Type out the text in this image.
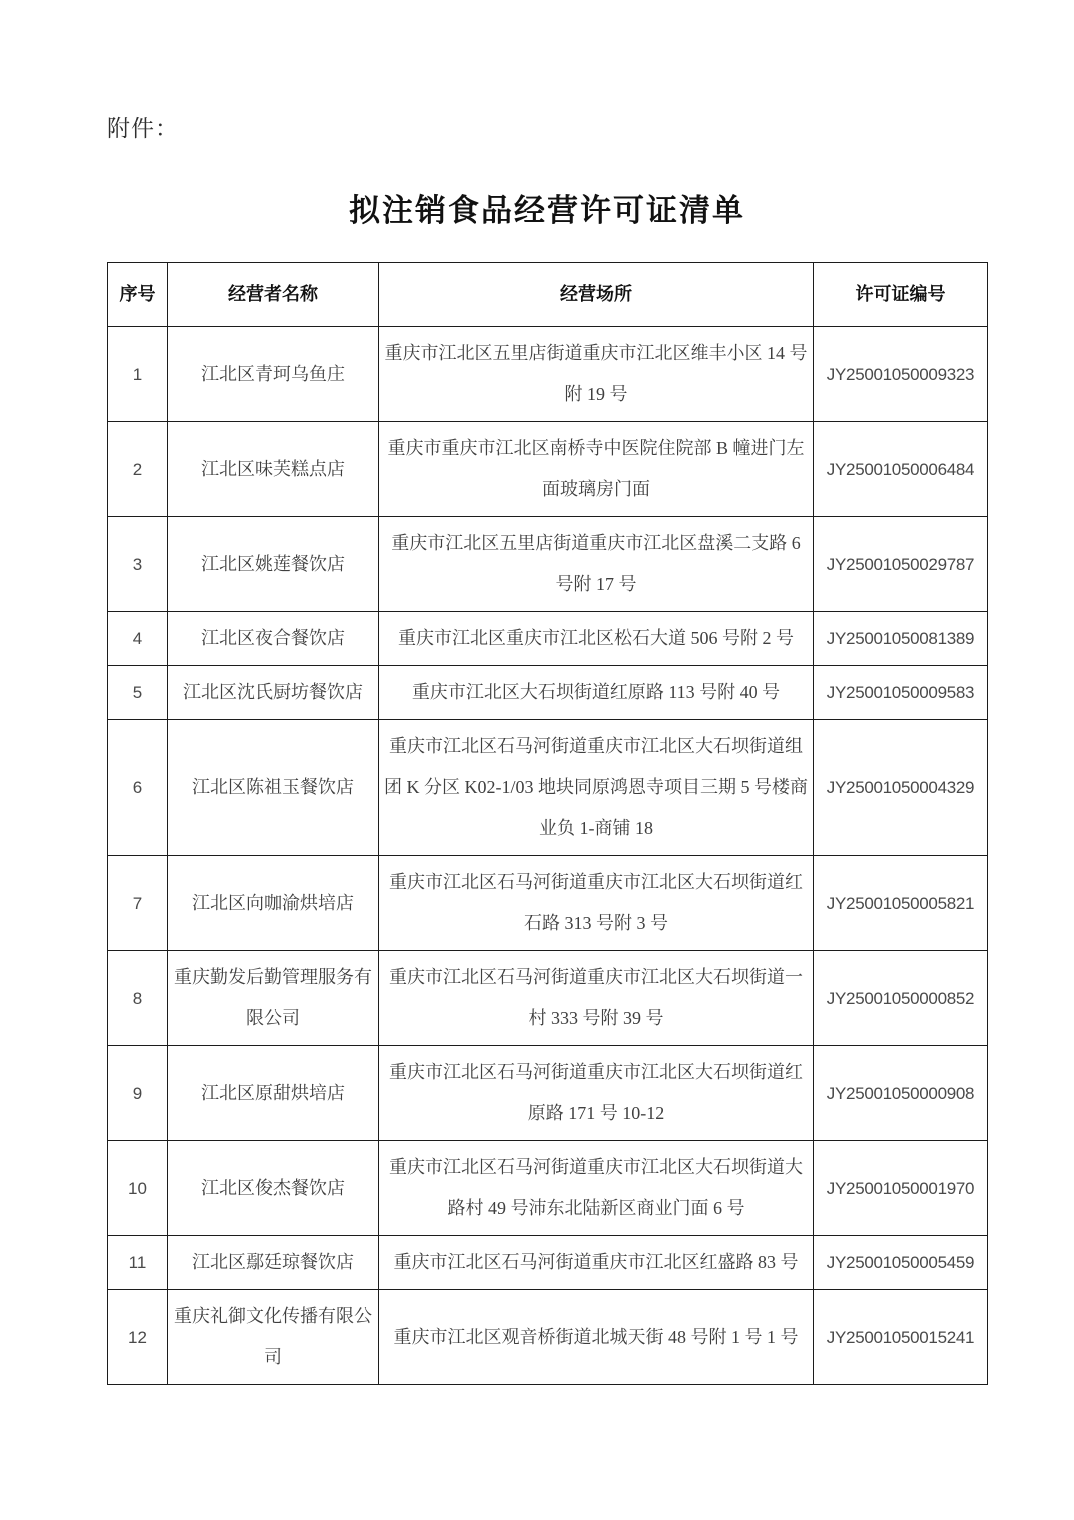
附件：
拟注销食品经营许可证清单
序号	经营者名称	经营场所	许可证编号
1	江北区青珂乌鱼庄	重庆市江北区五里店街道重庆市江北区维丰小区 14 号附 19 号	JY25001050009323
2	江北区味芙糕点店	重庆市重庆市江北区南桥寺中医院住院部 B 幢进门左面玻璃房门面	JY25001050006484
3	江北区姚莲餐饮店	重庆市江北区五里店街道重庆市江北区盘溪二支路 6 号附 17 号	JY25001050029787
4	江北区夜合餐饮店	重庆市江北区重庆市江北区松石大道 506 号附 2 号	JY25001050081389
5	江北区沈氏厨坊餐饮店	重庆市江北区大石坝街道红原路 113 号附 40 号	JY25001050009583
6	江北区陈祖玉餐饮店	重庆市江北区石马河街道重庆市江北区大石坝街道组团 K 分区 K02-1/03 地块同原鸿恩寺项目三期 5 号楼商业负 1-商铺 18	JY25001050004329
7	江北区向咖渝烘培店	重庆市江北区石马河街道重庆市江北区大石坝街道红石路 313 号附 3 号	JY25001050005821
8	重庆勤发后勤管理服务有限公司	重庆市江北区石马河街道重庆市江北区大石坝街道一村 333 号附 39 号	JY25001050000852
9	江北区原甜烘培店	重庆市江北区石马河街道重庆市江北区大石坝街道红原路 171 号 10-12	JY25001050000908
10	江北区俊杰餐饮店	重庆市江北区石马河街道重庆市江北区大石坝街道大路村 49 号沛东北陆新区商业门面 6 号	JY25001050001970
11	江北区鄢廷琼餐饮店	重庆市江北区石马河街道重庆市江北区红盛路 83 号	JY25001050005459
12	重庆礼御文化传播有限公司	重庆市江北区观音桥街道北城天街 48 号附 1 号 1 号	JY25001050015241
